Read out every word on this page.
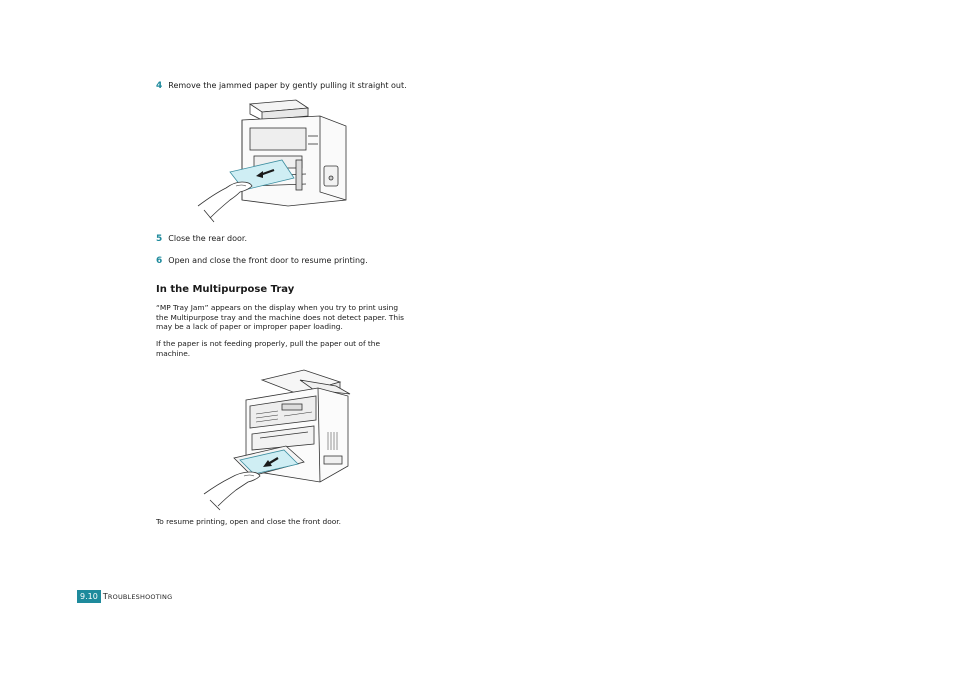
4 Remove the jammed paper by gently pulling it straight out.
5 Close the rear door.
6 Open and close the front door to resume printing.
In the Multipurpose Tray
“MP Tray Jam” appears on the display when you try to print using the Multipurpose tray and the machine does not detect paper. This may be a lack of paper or improper paper loading.
If the paper is not feeding properly, pull the paper out of the machine.
To resume printing, open and close the front door.
9.10 TROUBLESHOOTING
